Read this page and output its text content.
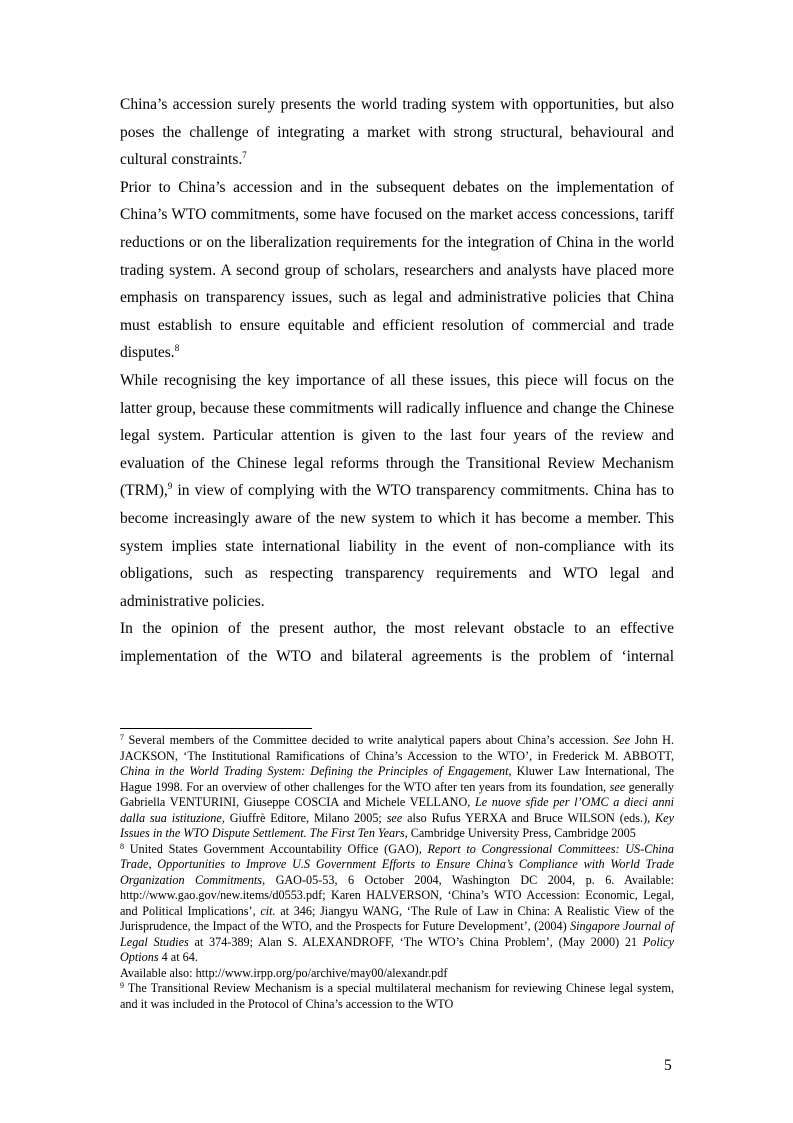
China’s accession surely presents the world trading system with opportunities, but also poses the challenge of integrating a market with strong structural, behavioural and cultural constraints.$^7$

Prior to China’s accession and in the subsequent debates on the implementation of China’s WTO commitments, some have focused on the market access concessions, tariff reductions or on the liberalization requirements for the integration of China in the world trading system. A second group of scholars, researchers and analysts have placed more emphasis on transparency issues, such as legal and administrative policies that China must establish to ensure equitable and efficient resolution of commercial and trade disputes.$^8$

While recognising the key importance of all these issues, this piece will focus on the latter group, because these commitments will radically influence and change the Chinese legal system. Particular attention is given to the last four years of the review and evaluation of the Chinese legal reforms through the Transitional Review Mechanism (TRM),$^9$ in view of complying with the WTO transparency commitments. China has to become increasingly aware of the new system to which it has become a member. This system implies state international liability in the event of non-compliance with its obligations, such as respecting transparency requirements and WTO legal and administrative policies.

In the opinion of the present author, the most relevant obstacle to an effective implementation of the WTO and bilateral agreements is the problem of ‘internal

$^7$ Several members of the Committee decided to write analytical papers about China’s accession. See John H. JACKSON, ‘The Institutional Ramifications of China’s Accession to the WTO’, in Frederick M. ABBOTT, China in the World Trading System: Defining the Principles of Engagement, Kluwer Law International, The Hague 1998. For an overview of other challenges for the WTO after ten years from its foundation, see generally Gabriella VENTURINI, Giuseppe COSCIA and Michele VELLANO, Le nuove sfide per l’OMC a dieci anni dalla sua istituzione, Giuffrè Editore, Milano 2005; see also Rufus YERXA and Bruce WILSON (eds.), Key Issues in the WTO Dispute Settlement. The First Ten Years, Cambridge University Press, Cambridge 2005

$^8$ United States Government Accountability Office (GAO), Report to Congressional Committees: US-China Trade, Opportunities to Improve U.S Government Efforts to Ensure China’s Compliance with World Trade Organization Commitments, GAO-05-53, 6 October 2004, Washington DC 2004, p. 6. Available: http://www.gao.gov/new.items/d0553.pdf; Karen HALVERSON, ‘China’s WTO Accession: Economic, Legal, and Political Implications’, cit. at 346; Jiangyu WANG, ‘The Rule of Law in China: A Realistic View of the Jurisprudence, the Impact of the WTO, and the Prospects for Future Development’, (2004) Singapore Journal of Legal Studies at 374-389; Alan S. ALEXANDROFF, ‘The WTO’s China Problem’, (May 2000) 21 Policy Options 4 at 64.
Available also: http://www.irpp.org/po/archive/may00/alexandr.pdf

$^9$ The Transitional Review Mechanism is a special multilateral mechanism for reviewing Chinese legal system, and it was included in the Protocol of China’s accession to the WTO

5
